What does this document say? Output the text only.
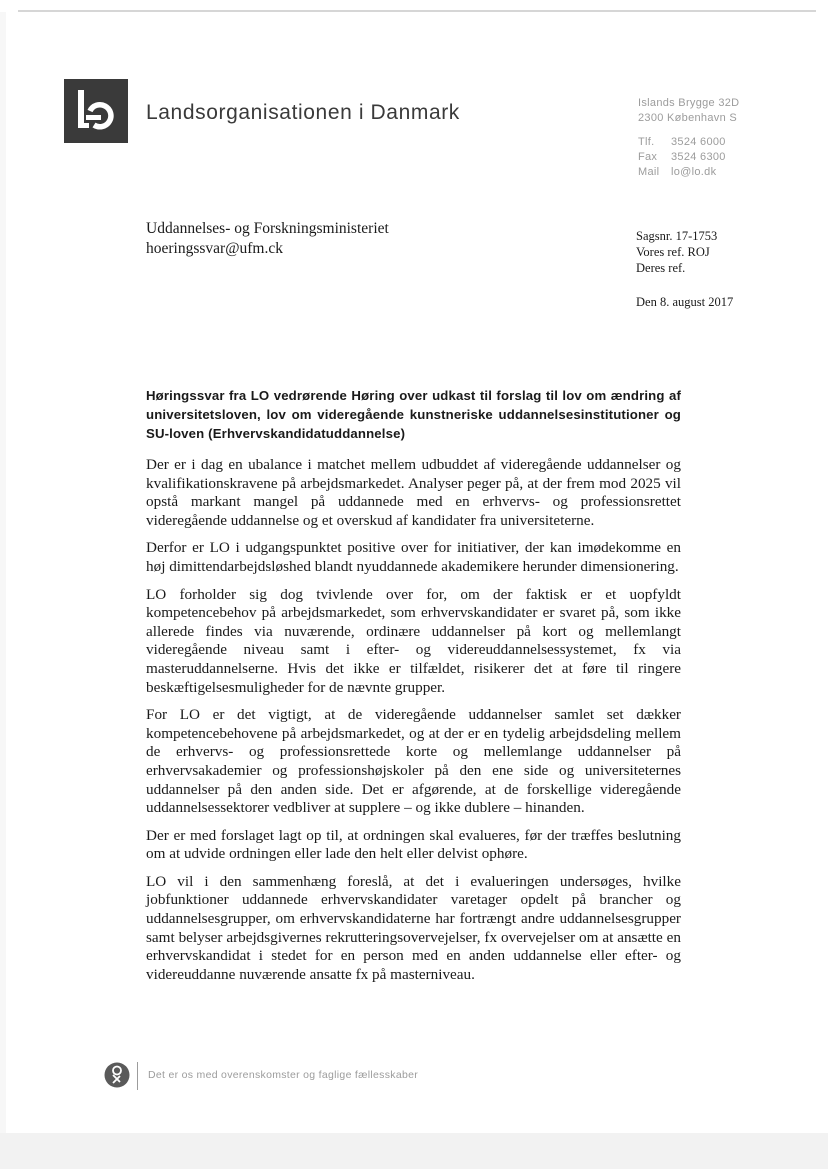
Landsorganisationen i Danmark	Islands Brygge 32D
2300 København S
Tlf. 3524 6000
Fax 3524 6300
Mail lo@lo.dk
Uddannelses- og Forskningsministeriet
hoeringssvar@ufm.ck
Sagsnr. 17-1753
Vores ref. ROJ
Deres ref.
Den 8. august 2017
Høringssvar fra LO vedrørende Høring over udkast til forslag til lov om ændring af universitetsloven, lov om videregående kunstneriske uddannelsesinstitutioner og SU-loven (Erhvervskandidatuddannelse)

Der er i dag en ubalance i matchet mellem udbuddet af videregående uddannelser og kvalifikationskravene på arbejdsmarkedet. Analyser peger på, at der frem mod 2025 vil opstå markant mangel på uddannede med en erhvervs- og professionsrettet videregående uddannelse og et overskud af kandidater fra universiteterne.

Derfor er LO i udgangspunktet positive over for initiativer, der kan imødekomme en høj dimittendarbejdsløshed blandt nyuddannede akademikere herunder dimensionering.

LO forholder sig dog tvivlende over for, om der faktisk er et uopfyldt kompetencebehov på arbejdsmarkedet, som erhvervskandidater er svaret på, som ikke allerede findes via nuværende, ordinære uddannelser på kort og mellemlangt videregående niveau samt i efter- og videreuddannelsessystemet, fx via masteruddannelserne. Hvis det ikke er tilfældet, risikerer det at føre til ringere beskæftigelsesmuligheder for de nævnte grupper.

For LO er det vigtigt, at de videregående uddannelser samlet set dækker kompetencebehovene på arbejdsmarkedet, og at der er en tydelig arbejdsdeling mellem de erhvervs- og professionsrettede korte og mellemlange uddannelser på erhvervsakademier og professionshøjskoler på den ene side og universiteternes uddannelser på den anden side. Det er afgørende, at de forskellige videregående uddannelsessektorer vedbliver at supplere – og ikke dublere – hinanden.

Der er med forslaget lagt op til, at ordningen skal evalueres, før der træffes beslutning om at udvide ordningen eller lade den helt eller delvist ophøre.

LO vil i den sammenhæng foreslå, at det i evalueringen undersøges, hvilke jobfunktioner uddannede erhvervskandidater varetager opdelt på brancher og uddannelsesgrupper, om erhvervskandidaterne har fortrængt andre uddannelsesgrupper samt belyser arbejdsgivernes rekrutteringsovervejelser, fx overvejelser om at ansætte en erhvervskandidat i stedet for en person med en anden uddannelse eller efter- og videreuddanne nuværende ansatte fx på masterniveau.

Det er os med overenskomster og faglige fællesskaber
